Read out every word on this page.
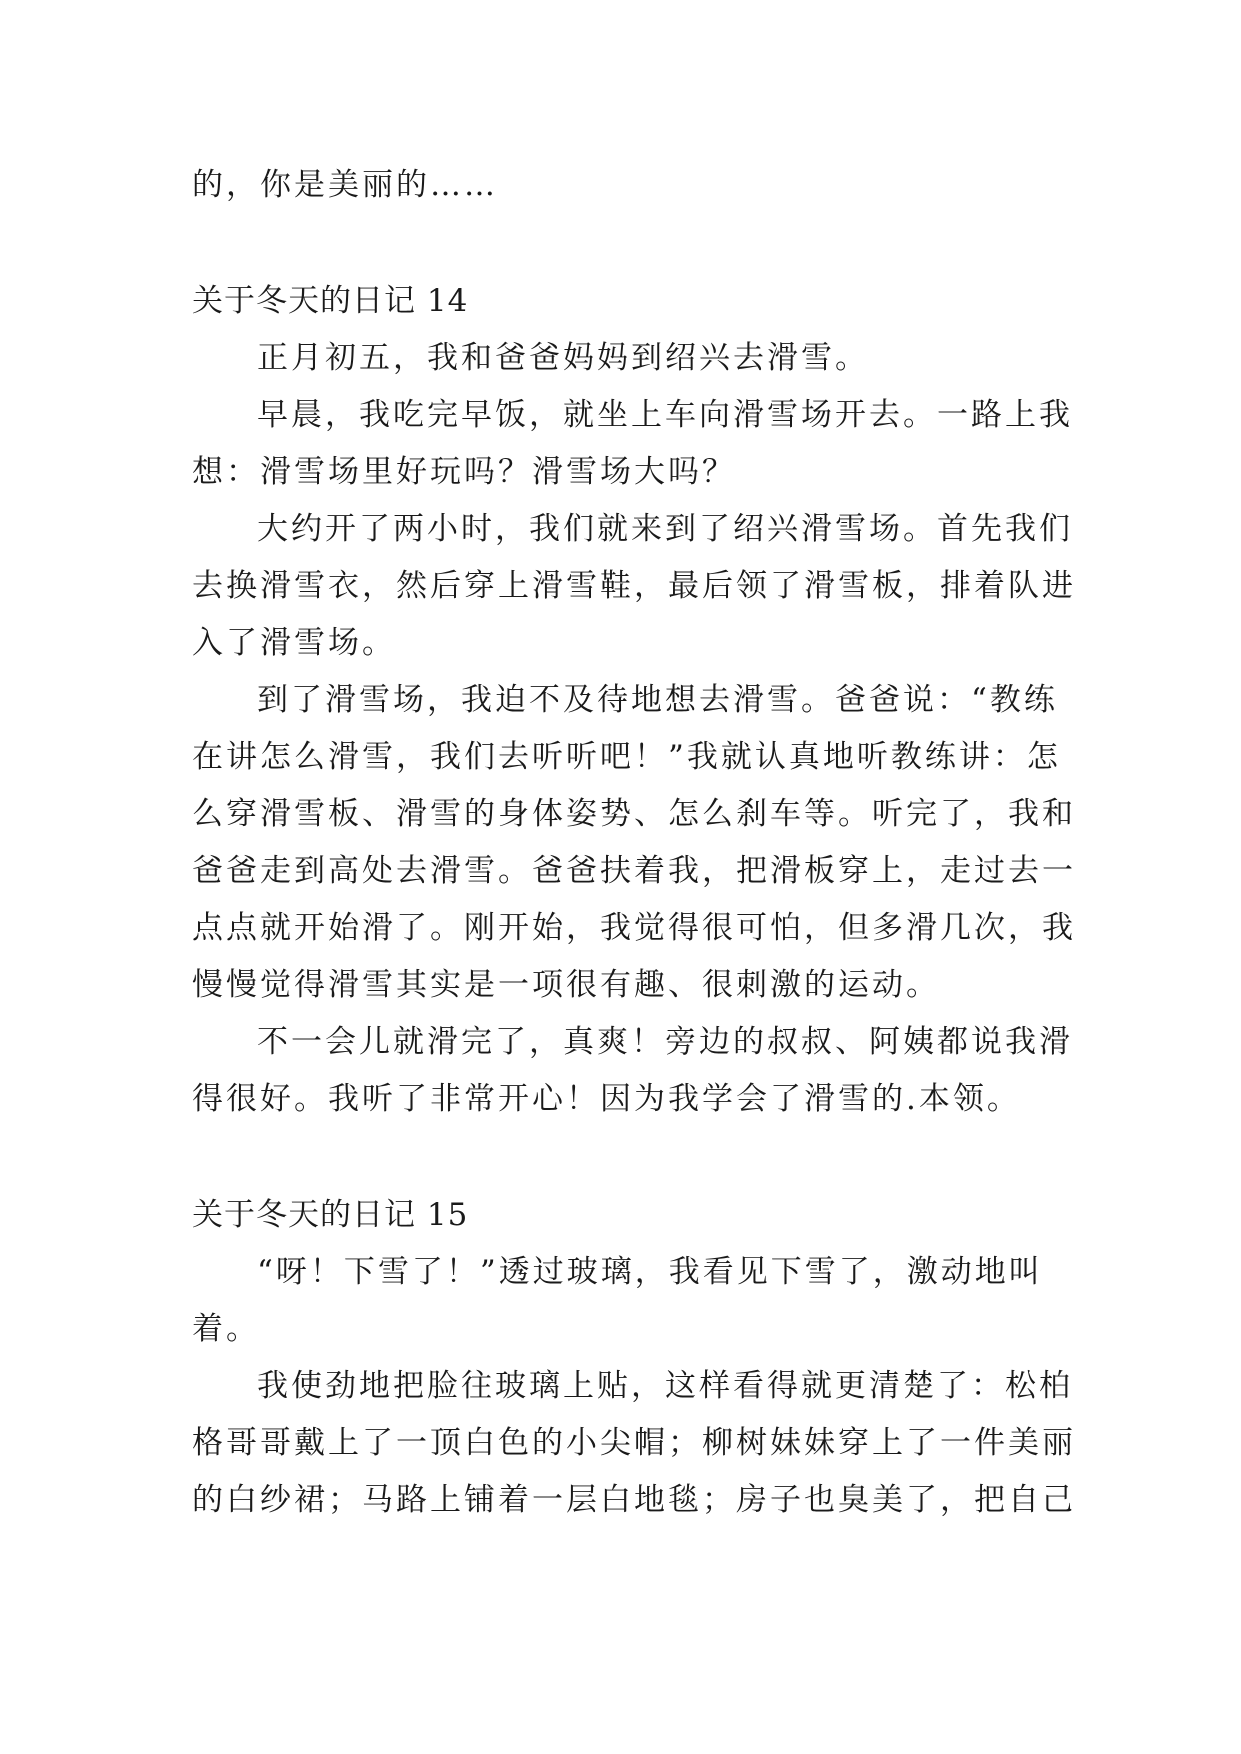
的，你是美丽的……
关于冬天的日记 14
正月初五，我和爸爸妈妈到绍兴去滑雪。
早晨，我吃完早饭，就坐上车向滑雪场开去。一路上我
想：滑雪场里好玩吗？滑雪场大吗？
大约开了两小时，我们就来到了绍兴滑雪场。首先我们
去换滑雪衣，然后穿上滑雪鞋，最后领了滑雪板，排着队进
入了滑雪场。
到了滑雪场，我迫不及待地想去滑雪。爸爸说：“教练
在讲怎么滑雪，我们去听听吧！”我就认真地听教练讲：怎
么穿滑雪板、滑雪的身体姿势、怎么刹车等。听完了，我和
爸爸走到高处去滑雪。爸爸扶着我，把滑板穿上，走过去一
点点就开始滑了。刚开始，我觉得很可怕，但多滑几次，我
慢慢觉得滑雪其实是一项很有趣、很刺激的运动。
不一会儿就滑完了，真爽！旁边的叔叔、阿姨都说我滑
得很好。我听了非常开心！因为我学会了滑雪的.本领。
关于冬天的日记 15
“呀！下雪了！”透过玻璃，我看见下雪了，激动地叫
着。
我使劲地把脸往玻璃上贴，这样看得就更清楚了：松柏
格哥哥戴上了一顶白色的小尖帽；柳树妹妹穿上了一件美丽
的白纱裙；马路上铺着一层白地毯；房子也臭美了，把自己
